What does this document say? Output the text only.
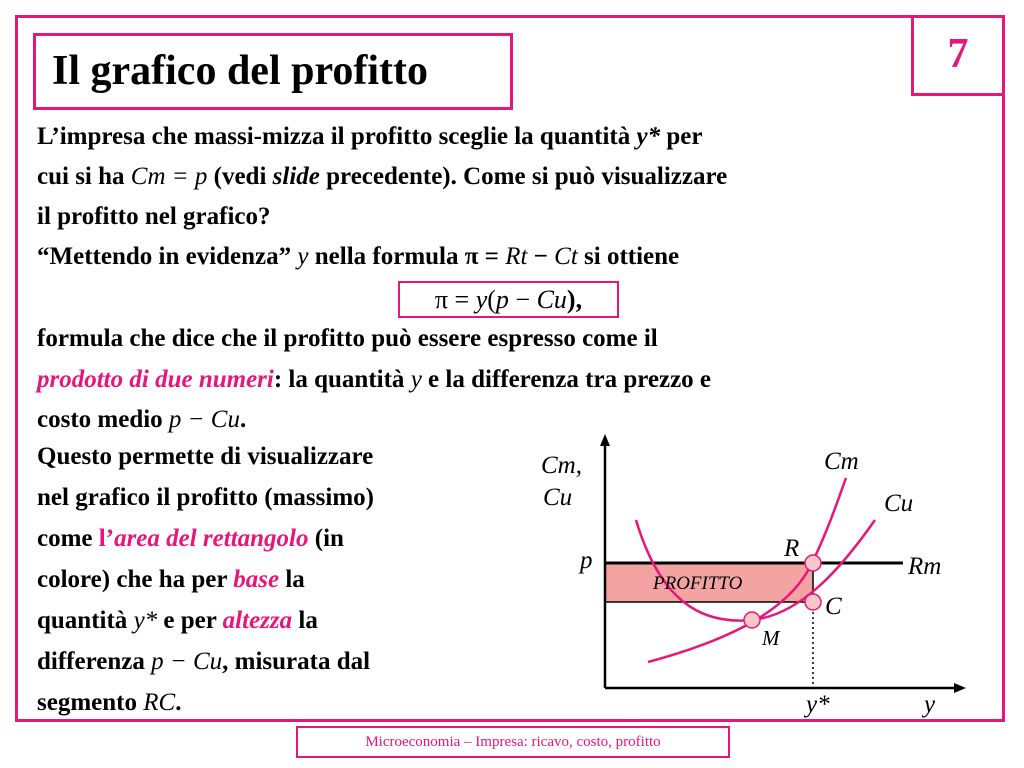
Il grafico del profitto	7
L’impresa che massi-mizza il profitto sceglie la quantità y* per
cui si ha Cm = p (vedi slide precedente). Come si può visualizzare
il profitto nel grafico?
“Mettendo in evidenza” y nella formula π = Rt − Ct si ottiene
π = y(p − Cu),
formula che dice che il profitto può essere espresso come il
prodotto di due numeri: la quantità y e la differenza tra prezzo e
costo medio p − Cu.
Questo permette di visualizzare
nel grafico il profitto (massimo)
come l’area del rettangolo (in
colore) che ha per base la
quantità y* e per altezza la
differenza p − Cu, misurata dal
segmento RC.
Cm,
Cu
p
Cm
Cu
Rm
R
C
M
PROFITTO
y*	y
Microeconomia – Impresa: ricavo, costo, profitto
